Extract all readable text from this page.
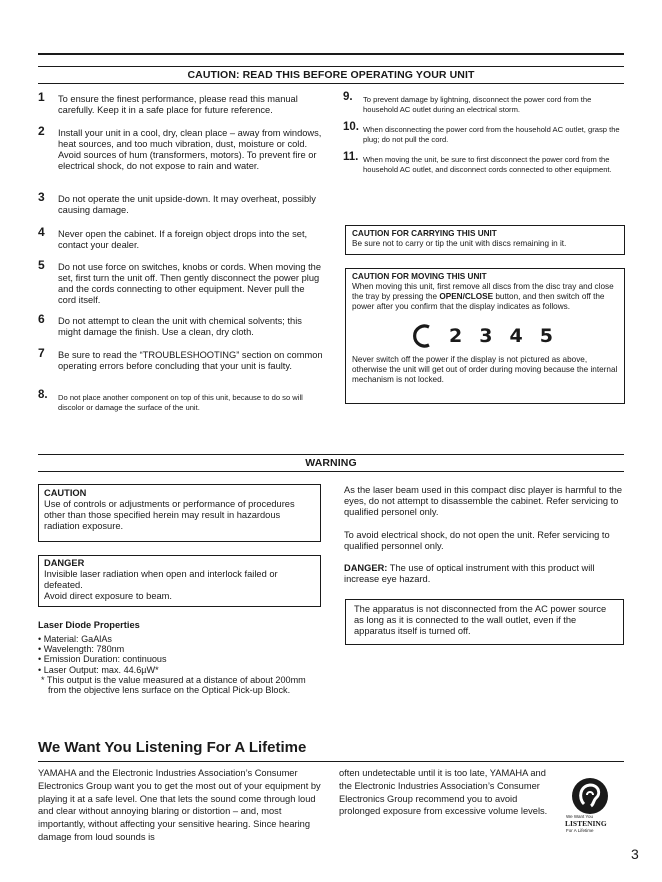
CAUTION: READ THIS BEFORE OPERATING YOUR UNIT
1	To ensure the finest performance, please read this manual carefully. Keep it in a safe place for future reference.
2	Install your unit in a cool, dry, clean place – away from windows, heat sources, and too much vibration, dust, moisture or cold. Avoid sources of hum (transformers, motors). To prevent fire or electrical shock, do not expose to rain and water.
3	Do not operate the unit upside-down. It may overheat, possibly causing damage.
4	Never open the cabinet. If a foreign object drops into the set, contact your dealer.
5	Do not use force on switches, knobs or cords. When moving the set, first turn the unit off. Then gently disconnect the power plug and the cords connecting to other equipment. Never pull the cord itself.
6	Do not attempt to clean the unit with chemical solvents; this might damage the finish. Use a clean, dry cloth.
7	Be sure to read the “TROUBLESHOOTING” section on common operating errors before concluding that your unit is faulty.
8.	Do not place another component on top of this unit, because to do so will discolor or damage the surface of the unit.
9.	To prevent damage by lightning, disconnect the power cord from the household AC outlet during an electrical storm.
10. When disconnecting the power cord from the household AC outlet, grasp the plug; do not pull the cord.
11. When moving the unit, be sure to first disconnect the power cord from the household AC outlet, and disconnect cords connected to other equipment.
CAUTION FOR CARRYING THIS UNIT
Be sure not to carry or tip the unit with discs remaining in it.
CAUTION FOR MOVING THIS UNIT
When moving this unit, first remove all discs from the disc tray and close the tray by pressing the OPEN/CLOSE button, and then switch off the power after you confirm that the display indicates as follows.
2 3 4 5
Never switch off the power if the display is not pictured as above, otherwise the unit will get out of order during moving because the internal mechanism is not locked.
WARNING
CAUTION
Use of controls or adjustments or performance of procedures other than those specified herein may result in hazardous radiation exposure.
DANGER
Invisible laser radiation when open and interlock failed or defeated.
Avoid direct exposure to beam.
Laser Diode Properties
• Material: GaAlAs
• Wavelength: 780nm
• Emission Duration: continuous
• Laser Output: max. 44.6µW*
* This output is the value measured at a distance of about 200mm from the objective lens surface on the Optical Pick-up Block.
As the laser beam used in this compact disc player is harmful to the eyes, do not attempt to disassemble the cabinet. Refer servicing to qualified personel only.
To avoid electrical shock, do not open the unit. Refer servicing to qualified personnel only.
DANGER: The use of optical instrument with this product will increase eye hazard.
The apparatus is not disconnected from the AC power source as long as it is connected to the wall outlet, even if the apparatus itself is turned off.
We Want You Listening For A Lifetime
YAMAHA and the Electronic Industries Association’s Consumer Electronics Group want you to get the most out of your equipment by playing it at a safe level. One that lets the sound come through loud and clear without annoying blaring or distortion – and, most importantly, without affecting your sensitive hearing. Since hearing damage from loud sounds is
often undetectable until it is too late, YAMAHA and the Electronic Industries Association’s Consumer Electronics Group recommend you to avoid prolonged exposure from excessive volume levels.
We Want You
LISTENING
For A Lifetime
3
